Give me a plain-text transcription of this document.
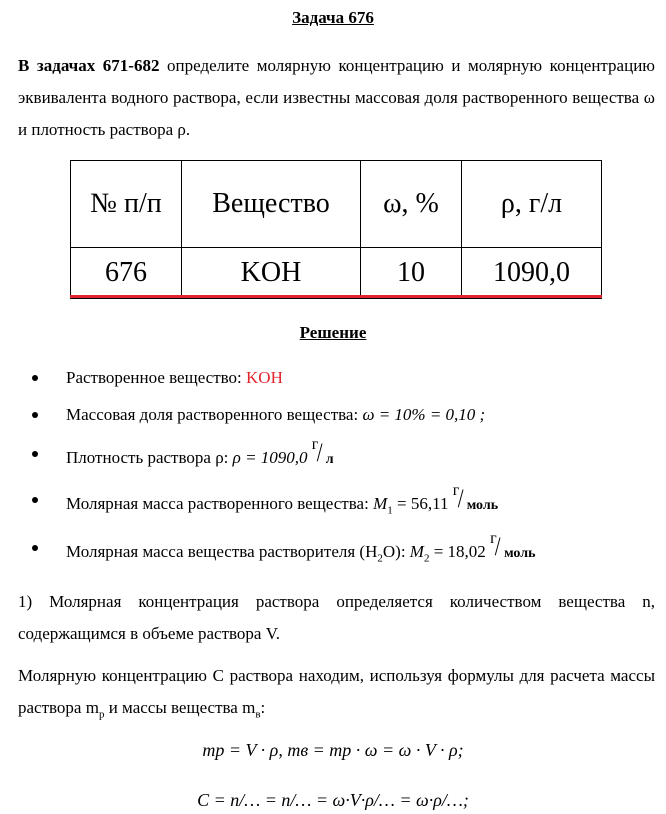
Задача 676
В задачах 671-682 определите молярную концентрацию и молярную концентрацию эквивалента водного раствора, если известны массовая доля растворенного вещества ω и плотность раствора ρ.
№ п/п	Вещество	ω, %	ρ, г/л
676	KOH	10	1090,0
Решение
Растворенное вещество: KOH
Массовая доля растворенного вещества: ω = 10% = 0,10 ;
Плотность раствора ρ: ρ = 1090,0
г
/ л
Молярная масса растворенного вещества: $M_1 = 56,11$
г
/ моль
Молярная масса вещества растворителя $(H_2O)$: $M_2 = 18,02$
г
/ моль
1) Молярная концентрация раствора определяется количеством вещества n, содержащимся в объеме раствора V.
Молярную концентрацию C раствора находим, используя формулы для расчета массы раствора $m_р$ и массы вещества $m_в$:
mр = V · ρ, mв = mр · ω = ω · V · ρ;
C = n/… = n/… = ω·V·ρ/… = ω·ρ/…;
